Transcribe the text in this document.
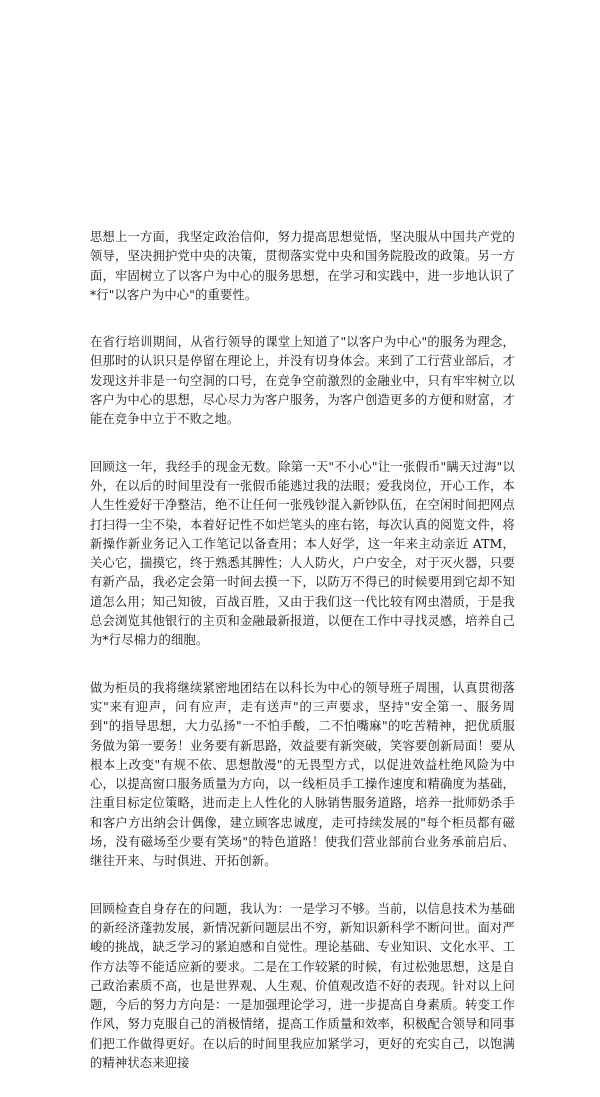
思想上一方面，我坚定政治信仰，努力提高思想觉悟，坚决服从中国共产党的领导，坚决拥护党中央的决策，贯彻落实党中央和国务院股改的政策。另一方面，牢固树立了以客户为中心的服务思想，在学习和实践中，进一步地认识了*行"以客户为中心"的重要性。

在省行培训期间，从省行领导的课堂上知道了"以客户为中心"的服务为理念，但那时的认识只是停留在理论上，并没有切身体会。来到了工行营业部后，才发现这并非是一句空洞的口号，在竞争空前激烈的金融业中，只有牢牢树立以客户为中心的思想，尽心尽力为客户服务，为客户创造更多的方便和财富，才能在竞争中立于不败之地。

回顾这一年，我经手的现金无数。除第一天"不小心"让一张假币"瞒天过海"以外，在以后的时间里没有一张假币能逃过我的法眼；爱我岗位，开心工作，本人生性爱好干净整洁，绝不让任何一张残钞混入新钞队伍，在空闲时间把网点打扫得一尘不染，本着好记性不如烂笔头的座右铭，每次认真的阅览文件，将新操作新业务记入工作笔记以备查用；本人好学，这一年来主动亲近 ATM，关心它，揣摸它，终于熟悉其脾性；人人防火，户户安全，对于灭火器，只要有新产品，我必定会第一时间去摸一下，以防万不得已的时候要用到它却不知道怎么用；知己知彼，百战百胜，又由于我们这一代比较有网虫潜质，于是我总会浏览其他银行的主页和金融最新报道，以便在工作中寻找灵感，培养自己为*行尽棉力的细胞。

做为柜员的我将继续紧密地团结在以科长为中心的领导班子周围，认真贯彻落实"来有迎声，问有应声，走有送声"的三声要求，坚持"安全第一、服务周到"的指导思想，大力弘扬"一不怕手酸，二不怕嘴麻"的吃苦精神，把优质服务做为第一要务！业务要有新思路，效益要有新突破，笑容要创新局面！要从根本上改变"有规不依、思想散漫"的无畏型方式，以促进效益杜绝风险为中心，以提高窗口服务质量为方向，以一线柜员手工操作速度和精确度为基础，注重目标定位策略，进而走上人性化的人脉销售服务道路，培养一批师奶杀手和客户方出纳会计偶像，建立顾客忠诚度，走可持续发展的"每个柜员都有磁场，没有磁场至少要有笑场"的特色道路！使我们营业部前台业务承前启后、继往开来、与时俱进、开拓创新。

回顾检查自身存在的问题，我认为：一是学习不够。当前，以信息技术为基础的新经济蓬勃发展，新情况新问题层出不穷，新知识新科学不断问世。面对严峻的挑战，缺乏学习的紧迫感和自觉性。理论基础、专业知识、文化水平、工作方法等不能适应新的要求。二是在工作较紧的时候，有过松弛思想，这是自己政治素质不高，也是世界观、人生观、价值观改造不好的表现。针对以上问题，今后的努力方向是：一是加强理论学习，进一步提高自身素质。转变工作作风，努力克服自己的消极情绪，提高工作质量和效率，积极配合领导和同事们把工作做得更好。在以后的时间里我应加紧学习，更好的充实自己，以饱满的精神状态来迎接
